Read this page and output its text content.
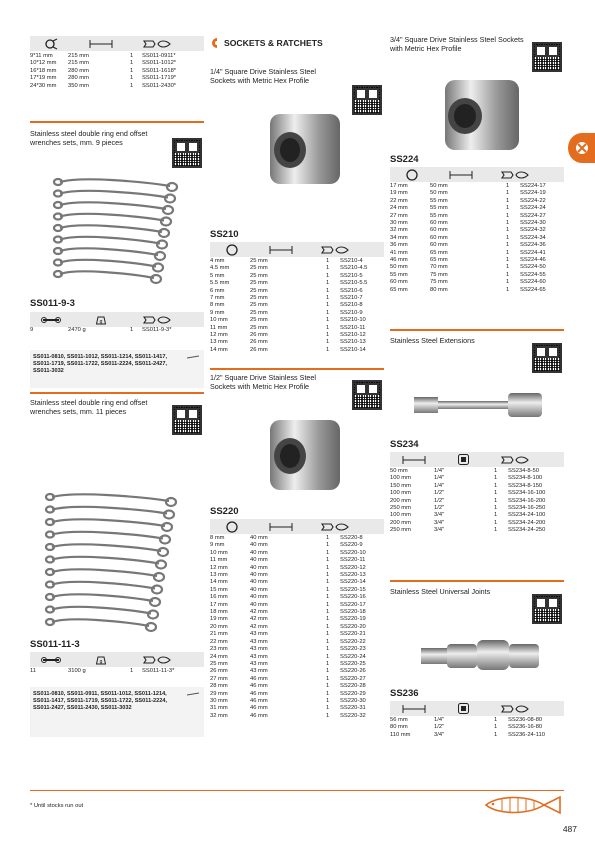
9*11 mm	215 mm	1	SS011-0911*
10*12 mm	215 mm	1	SS011-1012*
16*18 mm	280 mm	1	SS011-1618*
17*19 mm	280 mm	1	SS011-1719*
24*30 mm	350 mm	1	SS011-2430*
Stainless steel double ring end offset wrenches sets, mm. 9 pieces
SS011-9-3
g
9	2470 g	1	SS011-9-3*
SS011-0810, SS011-1012, SS011-1214, SS011-1417, SS011-1719, SS011-1722, SS011-2224, SS011-2427, SS011-3032
Stainless steel double ring end offset wrenches sets, mm. 11 pieces
SS011-11-3
g
11	3100 g	1	SS011-11-3*
SS011-0810, SS011-0911, SS011-1012, SS011-1214, SS011-1417, SS011-1719, SS011-1722, SS011-2224, SS011-2427, SS011-2430, SS011-3032
SOCKETS & RATCHETS
1/4" Square Drive Stainless Steel Sockets with Metric Hex Profile
SS210
4 mm	25 mm	1	SS210-4
4.5 mm	25 mm	1	SS210-4.5
5 mm	25 mm	1	SS210-5
5.5 mm	25 mm	1	SS210-5.5
6 mm	25 mm	1	SS210-6
7 mm	25 mm	1	SS210-7
8 mm	25 mm	1	SS210-8
9 mm	25 mm	1	SS210-9
10 mm	25 mm	1	SS210-10
11 mm	25 mm	1	SS210-11
12 mm	26 mm	1	SS210-12
13 mm	26 mm	1	SS210-13
14 mm	26 mm	1	SS210-14
1/2" Square Drive Stainless Steel Sockets with Metric Hex Profile
SS220
8 mm	40 mm	1	SS220-8
9 mm	40 mm	1	SS220-9
10 mm	40 mm	1	SS220-10
11 mm	40 mm	1	SS220-11
12 mm	40 mm	1	SS220-12
13 mm	40 mm	1	SS220-13
14 mm	40 mm	1	SS220-14
15 mm	40 mm	1	SS220-15
16 mm	40 mm	1	SS220-16
17 mm	40 mm	1	SS220-17
18 mm	42 mm	1	SS220-18
19 mm	42 mm	1	SS220-19
20 mm	42 mm	1	SS220-20
21 mm	43 mm	1	SS220-21
22 mm	43 mm	1	SS220-22
23 mm	43 mm	1	SS220-23
24 mm	43 mm	1	SS220-24
25 mm	43 mm	1	SS220-25
26 mm	43 mm	1	SS220-26
27 mm	46 mm	1	SS220-27
28 mm	46 mm	1	SS220-28
29 mm	46 mm	1	SS220-29
30 mm	46 mm	1	SS220-30
31 mm	46 mm	1	SS220-31
32 mm	46 mm	1	SS220-32
3/4" Square Drive Stainless Steel Sockets with Metric Hex Profile
SS224
17 mm	50 mm	1	SS224-17
19 mm	50 mm	1	SS224-19
22 mm	55 mm	1	SS224-22
24 mm	55 mm	1	SS224-24
27 mm	55 mm	1	SS224-27
30 mm	60 mm	1	SS224-30
32 mm	60 mm	1	SS224-32
34 mm	60 mm	1	SS224-34
36 mm	60 mm	1	SS224-36
41 mm	65 mm	1	SS224-41
46 mm	65 mm	1	SS224-46
50 mm	70 mm	1	SS224-50
55 mm	75 mm	1	SS224-55
60 mm	75 mm	1	SS224-60
65 mm	80 mm	1	SS224-65
Stainless Steel Extensions
SS234
50 mm	1/4"	1	SS234-8-50
100 mm	1/4"	1	SS234-8-100
150 mm	1/4"	1	SS234-8-150
100 mm	1/2"	1	SS234-16-100
200 mm	1/2"	1	SS234-16-200
250 mm	1/2"	1	SS234-16-250
100 mm	3/4"	1	SS234-24-100
200 mm	3/4"	1	SS234-24-200
250 mm	3/4"	1	SS234-24-250
Stainless Steel Universal Joints
SS236
56 mm	1/4"	1	SS236-08-80
80 mm	1/2"	1	SS236-16-80
110 mm	3/4"	1	SS236-24-110
* Until stocks run out
487
